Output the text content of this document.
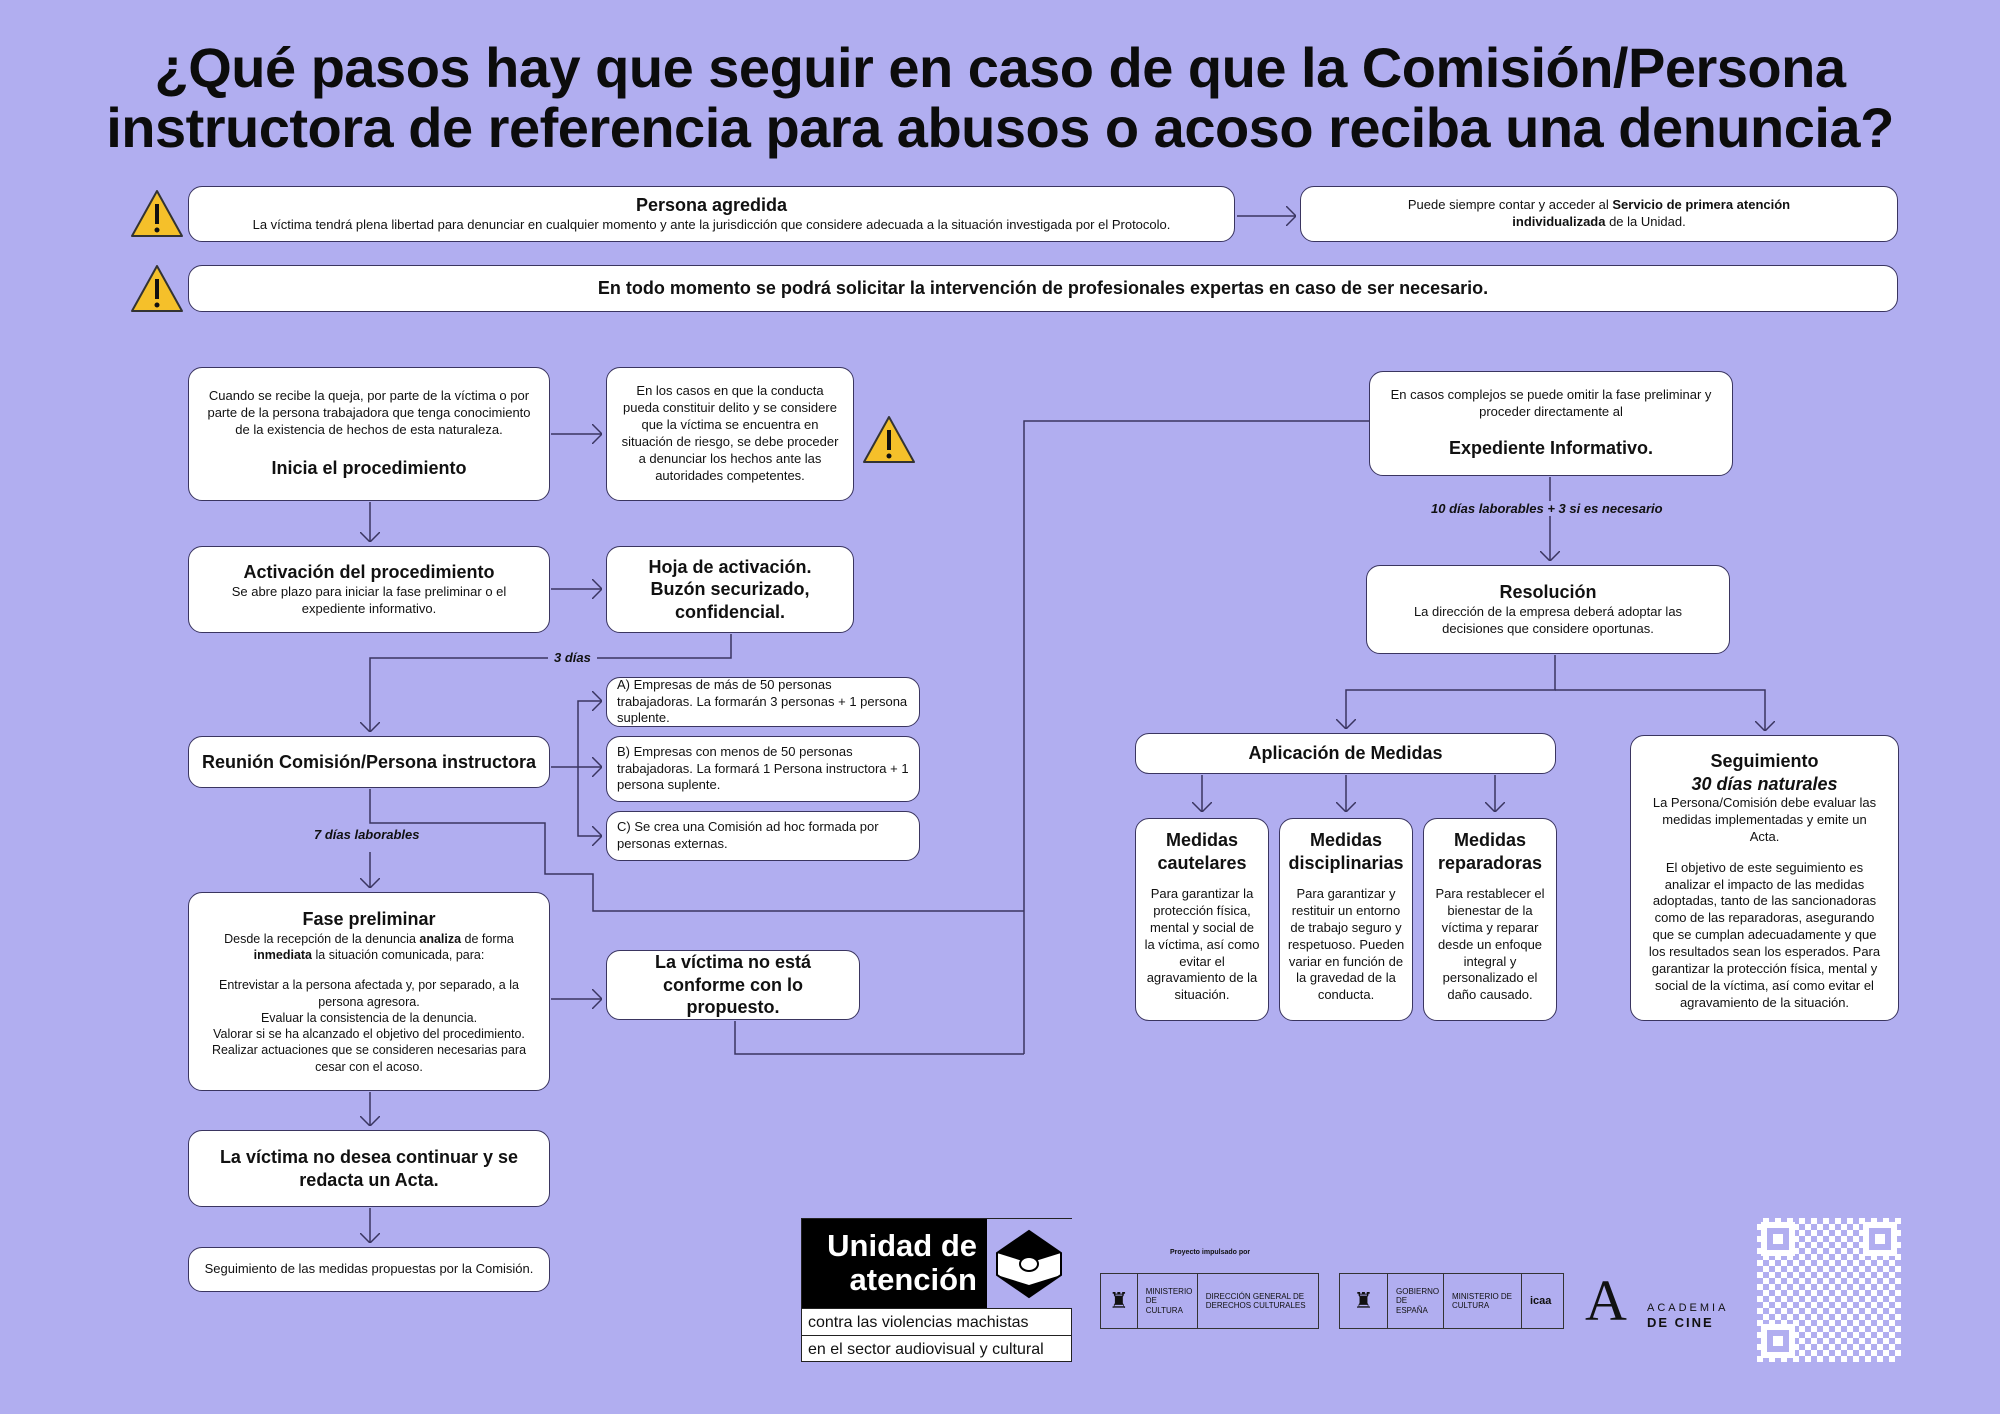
¿Qué pasos hay que seguir en caso de que la Comisión/Persona
instructora de referencia para abusos o acoso reciba una denuncia?
Persona agredida
La víctima tendrá plena libertad para denunciar en cualquier momento y ante la jurisdicción que considere adecuada a la situación investigada por el Protocolo.
Puede siempre contar y acceder al Servicio de primera atención individualizada de la Unidad.
En todo momento se podrá solicitar la intervención de profesionales expertas en caso de ser necesario.
Cuando se recibe la queja, por parte de la víctima o por parte de la persona trabajadora que tenga conocimiento de la existencia de hechos de esta naturaleza.
Inicia el procedimiento
En los casos en que la conducta pueda constituir delito y se considere que la víctima se encuentra en situación de riesgo, se debe proceder a denunciar los hechos ante las autoridades competentes.
Activación del procedimiento
Se abre plazo para iniciar la fase preliminar o el expediente informativo.
Hoja de activación. Buzón securizado, confidencial.
3 días
A) Empresas de más de 50 personas trabajadoras. La formarán 3 personas + 1 persona suplente.
B) Empresas con menos de 50 personas trabajadoras. La formará 1 Persona instructora + 1 persona suplente.
C) Se crea una Comisión ad hoc formada por personas externas.
Reunión Comisión/Persona instructora
7 días laborables
Fase preliminar
Desde la recepción de la denuncia analiza de forma inmediata la situación comunicada, para:
Entrevistar a la persona afectada y, por separado, a la persona agresora.
Evaluar la consistencia de la denuncia.
Valorar si se ha alcanzado el objetivo del procedimiento.
Realizar actuaciones que se consideren necesarias para cesar con el acoso.
La víctima no está conforme con lo propuesto.
La víctima no desea continuar y se redacta un Acta.
Seguimiento de las medidas propuestas por la Comisión.
En casos complejos se puede omitir la fase preliminar y proceder directamente al
Expediente Informativo.
10 días laborables + 3 si es necesario
Resolución
La dirección de la empresa deberá adoptar las decisiones que considere oportunas.
Aplicación de Medidas
Medidas cautelares
Para garantizar la protección física, mental y social de la víctima, así como evitar el agravamiento de la situación.
Medidas disciplinarias
Para garantizar y restituir un entorno de trabajo seguro y respetuoso. Pueden variar en función de la gravedad de la conducta.
Medidas reparadoras
Para restablecer el bienestar de la víctima y reparar desde un enfoque integral y personalizado el daño causado.
Seguimiento
30 días naturales
La Persona/Comisión debe evaluar las medidas implementadas y emite un Acta.
El objetivo de este seguimiento es analizar el impacto de las medidas adoptadas, tanto de las sancionadoras como de las reparadoras, asegurando que se cumplan adecuadamente y que los resultados sean los esperados. Para garantizar la protección física, mental y social de la víctima, así como evitar el agravamiento de la situación.
Unidad de
atención
contra las violencias machistas
en el sector audiovisual y cultural
Proyecto impulsado por
♜	MINISTERIO DE CULTURA
DIRECCIÓN GENERAL DE DERECHOS CULTURALES	♜	GOBIERNO DE ESPAÑA
MINISTERIO DE CULTURA	icaa A ACADEMIA
DE CINE
